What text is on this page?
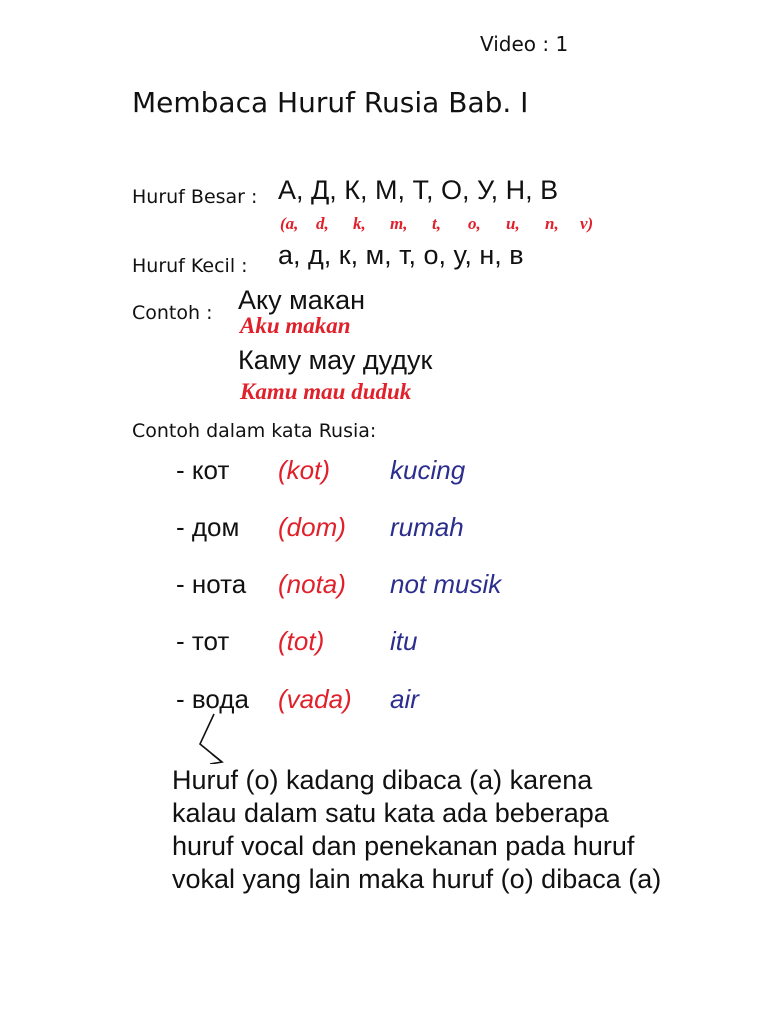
Video : 1
Membaca Huruf Rusia Bab. I
Huruf Besar : А, Д, К, М, Т, О, У, Н, В
(a, d, k, m, t, o, u, n, v)
Huruf Kecil : а, д, к, м, т, о, у, н, в
Contoh : Аку макан
Aku makan
Каму мау дудук
Kamu mau duduk
Contoh dalam kata Rusia:
- кот (kot) kucing
- дом (dom) rumah
- нота (nota) not musik
- тот (tot)	itu
- вода (vada) air
Huruf (o) kadang dibaca (a) karena
kalau dalam satu kata ada beberapa
huruf vocal dan penekanan pada huruf
vokal yang lain maka huruf (o) dibaca (a)
